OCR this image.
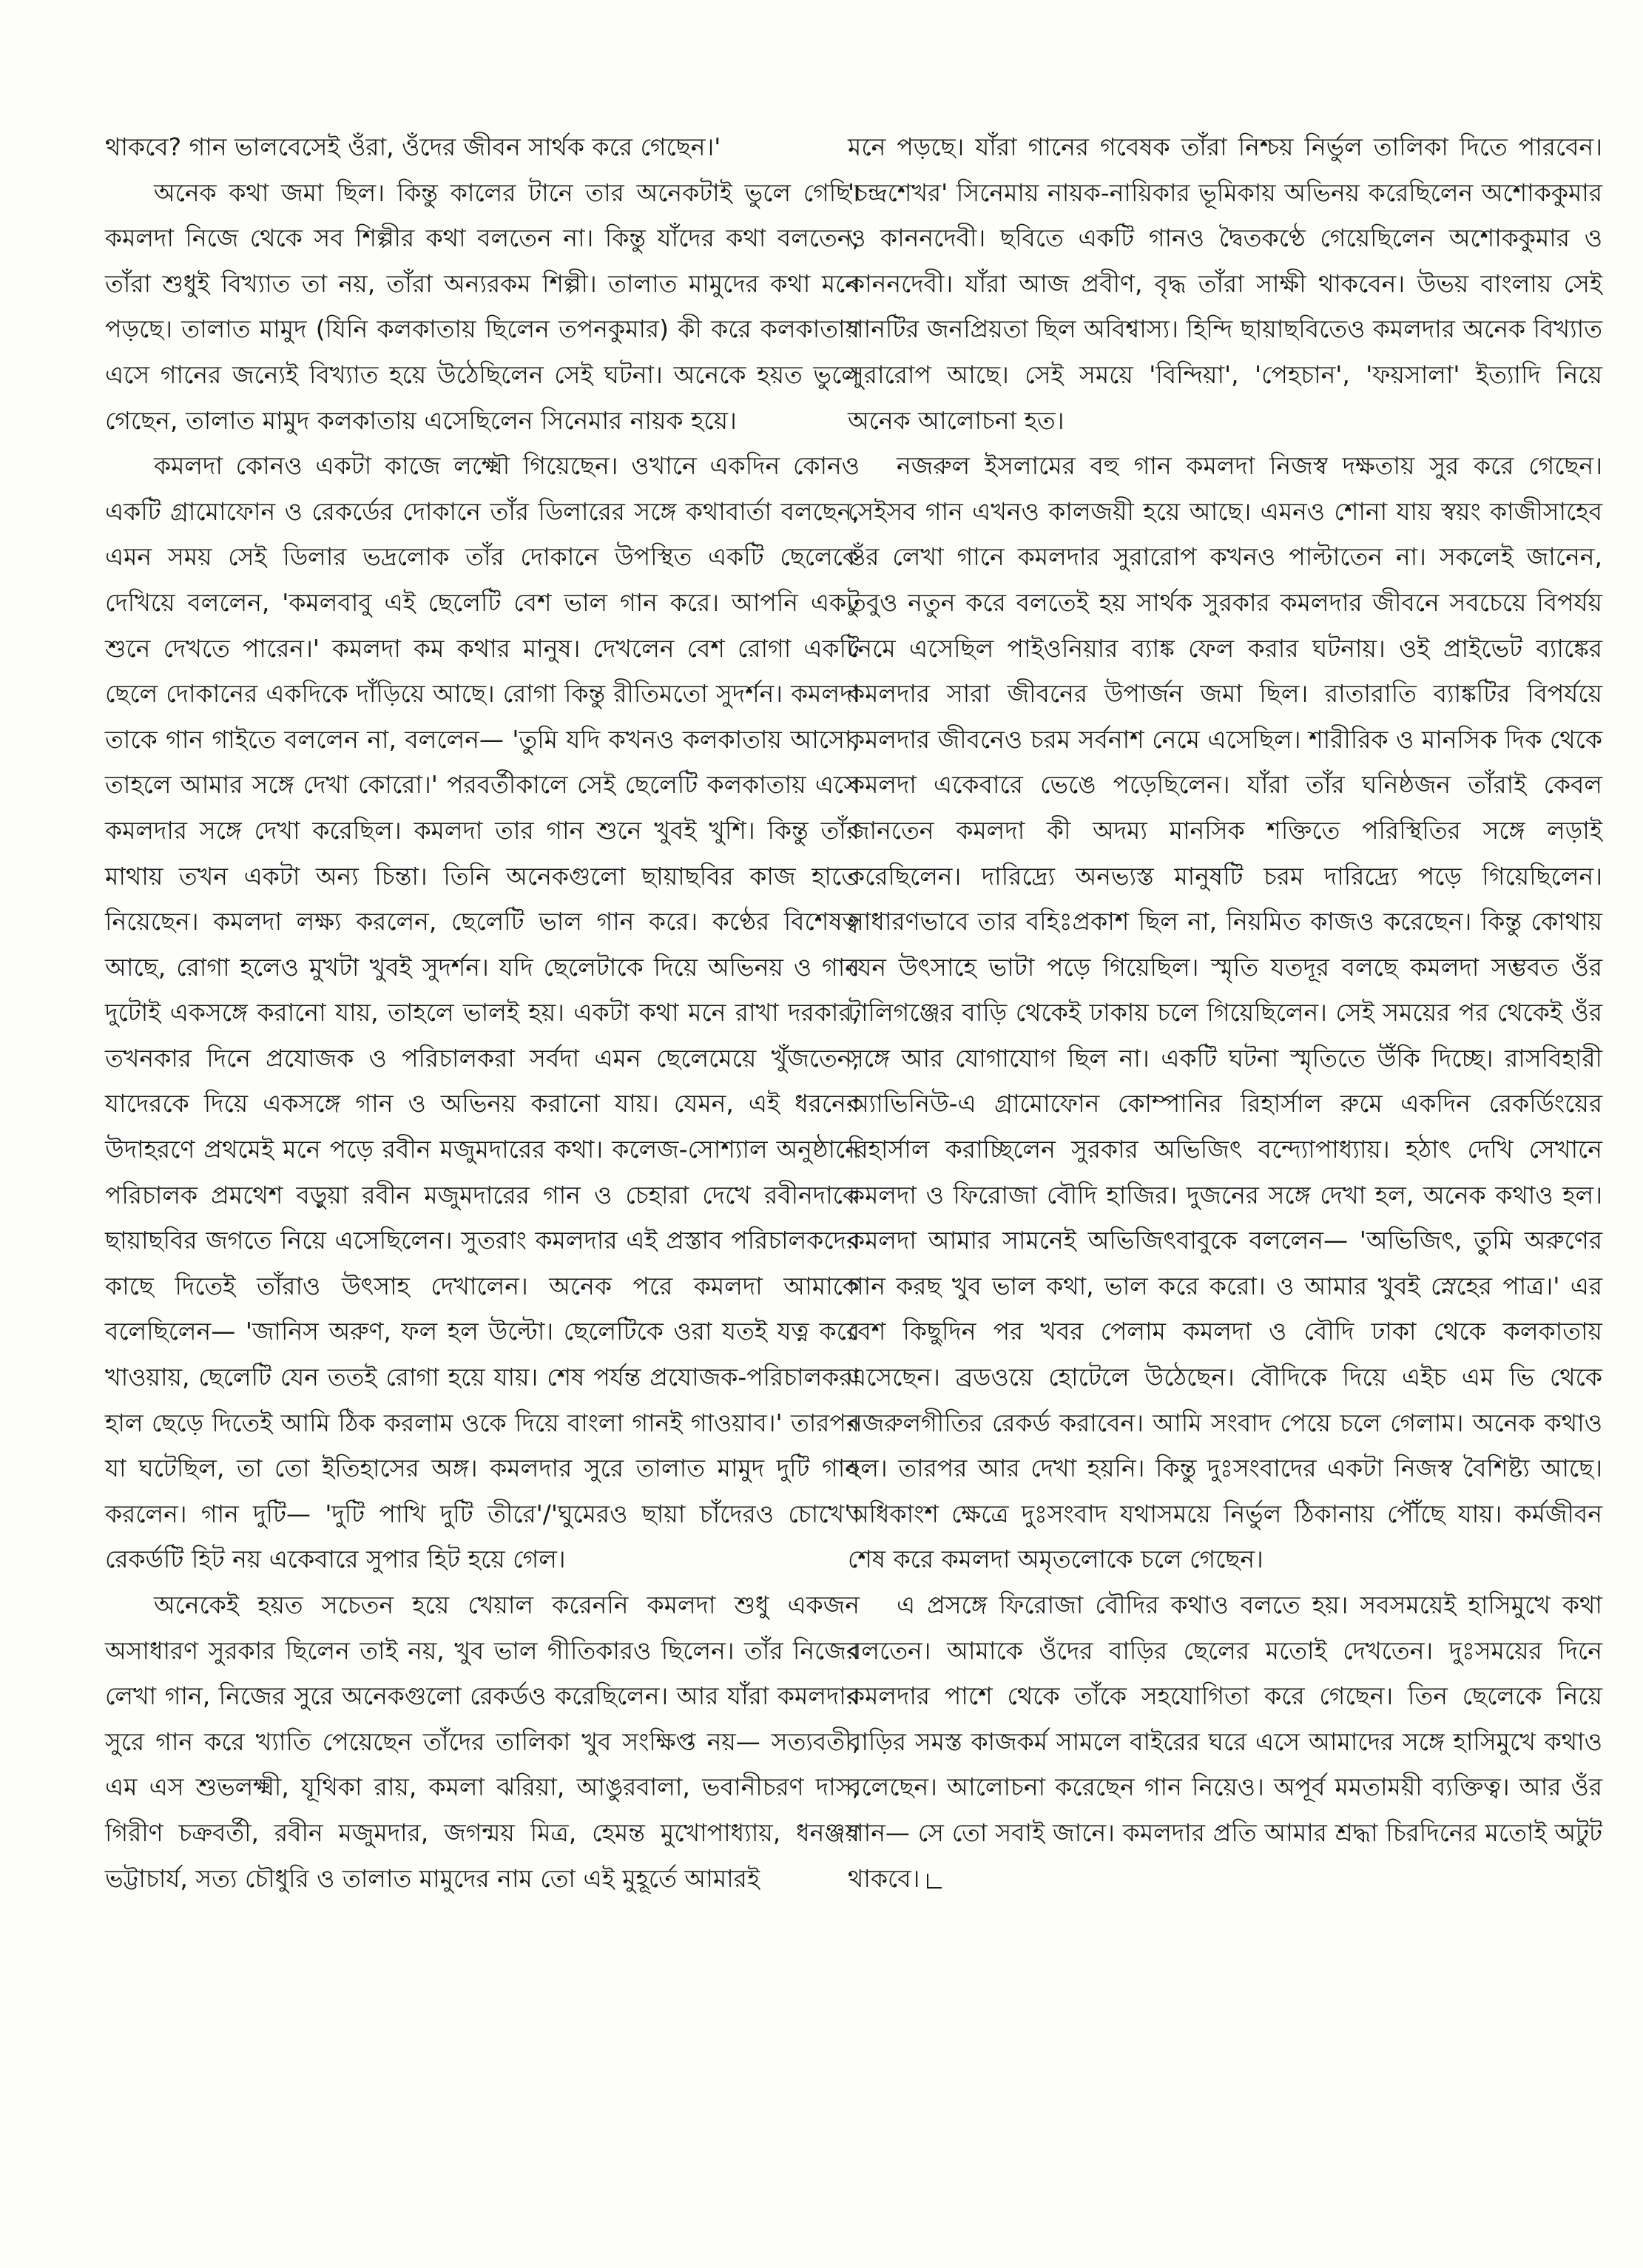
থাকবে? গান ভালবেসেই ওঁরা, ওঁদের জীবন সার্থক করে গেছেন।'

অনেক কথা জমা ছিল। কিন্তু কালের টানে তার অনেকটাই ভুলে গেছি। কমলদা নিজে থেকে সব শিল্পীর কথা বলতেন না। কিন্তু যাঁদের কথা বলতেন, তাঁরা শুধুই বিখ্যাত তা নয়, তাঁরা অন্যরকম শিল্পী। তালাত মামুদের কথা মনে পড়ছে। তালাত মামুদ (যিনি কলকাতায় ছিলেন তপনকুমার) কী করে কলকাতায় এসে গানের জন্যেই বিখ্যাত হয়ে উঠেছিলেন সেই ঘটনা। অনেকে হয়ত ভুলে গেছেন, তালাত মামুদ কলকাতায় এসেছিলেন সিনেমার নায়ক হয়ে।

কমলদা কোনও একটা কাজে লক্ষ্মৌ গিয়েছেন। ওখানে একদিন কোনও একটি গ্রামোফোন ও রেকর্ডের দোকানে তাঁর ডিলারের সঙ্গে কথাবার্তা বলছেন, এমন সময় সেই ডিলার ভদ্রলোক তাঁর দোকানে উপস্থিত একটি ছেলেকে দেখিয়ে বললেন, 'কমলবাবু এই ছেলেটি বেশ ভাল গান করে। আপনি একটু শুনে দেখতে পারেন।' কমলদা কম কথার মানুষ। দেখলেন বেশ রোগা একটি ছেলে দোকানের একদিকে দাঁড়িয়ে আছে। রোগা কিন্তু রীতিমতো সুদর্শন। কমলদা তাকে গান গাইতে বললেন না, বললেন— 'তুমি যদি কখনও কলকাতায় আসো, তাহলে আমার সঙ্গে দেখা কোরো।' পরবর্তীকালে সেই ছেলেটি কলকাতায় এসে কমলদার সঙ্গে দেখা করেছিল। কমলদা তার গান শুনে খুবই খুশি। কিন্তু তাঁর মাথায় তখন একটা অন্য চিন্তা। তিনি অনেকগুলো ছায়াছবির কাজ হাতে নিয়েছেন। কমলদা লক্ষ্য করলেন, ছেলেটি ভাল গান করে। কণ্ঠের বিশেষত্ব আছে, রোগা হলেও মুখটা খুবই সুদর্শন। যদি ছেলেটাকে দিয়ে অভিনয় ও গান দুটোই একসঙ্গে করানো যায়, তাহলে ভালই হয়। একটা কথা মনে রাখা দরকার, তখনকার দিনে প্রযোজক ও পরিচালকরা সর্বদা এমন ছেলেমেয়ে খুঁজতেন, যাদেরকে দিয়ে একসঙ্গে গান ও অভিনয় করানো যায়। যেমন, এই ধরনের উদাহরণে প্রথমেই মনে পড়ে রবীন মজুমদারের কথা। কলেজ-সোশ্যাল অনুষ্ঠানে পরিচালক প্রমথেশ বড়ুয়া রবীন মজুমদারের গান ও চেহারা দেখে রবীনদাকে ছায়াছবির জগতে নিয়ে এসেছিলেন। সুতরাং কমলদার এই প্রস্তাব পরিচালকদের কাছে দিতেই তাঁরাও উৎসাহ দেখালেন। অনেক পরে কমলদা আমাকে বলেছিলেন— 'জানিস অরুণ, ফল হল উল্টো। ছেলেটিকে ওরা যতই যত্ন করে খাওয়ায়, ছেলেটি যেন ততই রোগা হয়ে যায়। শেষ পর্যন্ত প্রযোজক-পরিচালকরা হাল ছেড়ে দিতেই আমি ঠিক করলাম ওকে দিয়ে বাংলা গানই গাওয়াব।' তারপর যা ঘটেছিল, তা তো ইতিহাসের অঙ্গ। কমলদার সুরে তালাত মামুদ দুটি গান করলেন। গান দুটি— 'দুটি পাখি দুটি তীরে'/'ঘুমেরও ছায়া চাঁদেরও চোখে'। রেকর্ডটি হিট নয় একেবারে সুপার হিট হয়ে গেল।

অনেকেই হয়ত সচেতন হয়ে খেয়াল করেননি কমলদা শুধু একজন অসাধারণ সুরকার ছিলেন তাই নয়, খুব ভাল গীতিকারও ছিলেন। তাঁর নিজের লেখা গান, নিজের সুরে অনেকগুলো রেকর্ডও করেছিলেন। আর যাঁরা কমলদার সুরে গান করে খ্যাতি পেয়েছেন তাঁদের তালিকা খুব সংক্ষিপ্ত নয়— সত্যবতী, এম এস শুভলক্ষ্মী, যূথিকা রায়, কমলা ঝরিয়া, আঙুরবালা, ভবানীচরণ দাস, গিরীণ চক্রবর্তী, রবীন মজুমদার, জগন্ময় মিত্র, হেমন্ত মুখোপাধ্যায়, ধনঞ্জয় ভট্টাচার্য, সত্য চৌধুরি ও তালাত মামুদের নাম তো এই মুহূর্তে আমারই

মনে পড়ছে। যাঁরা গানের গবেষক তাঁরা নিশ্চয় নির্ভুল তালিকা দিতে পারবেন। 'চন্দ্রশেখর' সিনেমায় নায়ক-নায়িকার ভূমিকায় অভিনয় করেছিলেন অশোককুমার ও কাননদেবী। ছবিতে একটি গানও দ্বৈতকণ্ঠে গেয়েছিলেন অশোককুমার ও কাননদেবী। যাঁরা আজ প্রবীণ, বৃদ্ধ তাঁরা সাক্ষী থাকবেন। উভয় বাংলায় সেই গানটির জনপ্রিয়তা ছিল অবিশ্বাস্য। হিন্দি ছায়াছবিতেও কমলদার অনেক বিখ্যাত সুরারোপ আছে। সেই সময়ে 'বিন্দিয়া', 'পেহচান', 'ফয়সালা' ইত্যাদি নিয়ে অনেক আলোচনা হত।

নজরুল ইসলামের বহু গান কমলদা নিজস্ব দক্ষতায় সুর করে গেছেন। সেইসব গান এখনও কালজয়ী হয়ে আছে। এমনও শোনা যায় স্বয়ং কাজীসাহেব ওঁর লেখা গানে কমলদার সুরারোপ কখনও পাল্টাতেন না। সকলেই জানেন, তবুও নতুন করে বলতেই হয় সার্থক সুরকার কমলদার জীবনে সবচেয়ে বিপর্যয় নেমে এসেছিল পাইওনিয়ার ব্যাঙ্ক ফেল করার ঘটনায়। ওই প্রাইভেট ব্যাঙ্কের কমলদার সারা জীবনের উপার্জন জমা ছিল। রাতারাতি ব্যাঙ্কটির বিপর্যয়ে কমলদার জীবনেও চরম সর্বনাশ নেমে এসেছিল। শারীরিক ও মানসিক দিক থেকে কমলদা একেবারে ভেঙে পড়েছিলেন। যাঁরা তাঁর ঘনিষ্ঠজন তাঁরাই কেবল জানতেন কমলদা কী অদম্য মানসিক শক্তিতে পরিস্থিতির সঙ্গে লড়াই করেছিলেন। দারিদ্র্যে অনভ্যস্ত মানুষটি চরম দারিদ্র্যে পড়ে গিয়েছিলেন। সাধারণভাবে তার বহিঃপ্রকাশ ছিল না, নিয়মিত কাজও করেছেন। কিন্তু কোথায় যেন উৎসাহে ভাটা পড়ে গিয়েছিল। স্মৃতি যতদূর বলছে কমলদা সম্ভবত ওঁর টালিগঞ্জের বাড়ি থেকেই ঢাকায় চলে গিয়েছিলেন। সেই সময়ের পর থেকেই ওঁর সঙ্গে আর যোগাযোগ ছিল না। একটি ঘটনা স্মৃতিতে উঁকি দিচ্ছে। রাসবিহারী অ্যাভিনিউ-এ গ্রামোফোন কোম্পানির রিহার্সাল রুমে একদিন রেকর্ডিংয়ের রিহার্সাল করাচ্ছিলেন সুরকার অভিজিৎ বন্দ্যোপাধ্যায়। হঠাৎ দেখি সেখানে কমলদা ও ফিরোজা বৌদি হাজির। দুজনের সঙ্গে দেখা হল, অনেক কথাও হল। কমলদা আমার সামনেই অভিজিৎবাবুকে বললেন— 'অভিজিৎ, তুমি অরুণের গান করছ খুব ভাল কথা, ভাল করে করো। ও আমার খুবই স্নেহের পাত্র।' এর বেশ কিছুদিন পর খবর পেলাম কমলদা ও বৌদি ঢাকা থেকে কলকাতায় এসেছেন। ব্রডওয়ে হোটেলে উঠেছেন। বৌদিকে দিয়ে এইচ এম ভি থেকে নজরুলগীতির রেকর্ড করাবেন। আমি সংবাদ পেয়ে চলে গেলাম। অনেক কথাও হল। তারপর আর দেখা হয়নি। কিন্তু দুঃসংবাদের একটা নিজস্ব বৈশিষ্ট্য আছে। অধিকাংশ ক্ষেত্রে দুঃসংবাদ যথাসময়ে নির্ভুল ঠিকানায় পৌঁছে যায়। কর্মজীবন শেষ করে কমলদা অমৃতলোকে চলে গেছেন।

এ প্রসঙ্গে ফিরোজা বৌদির কথাও বলতে হয়। সবসময়েই হাসিমুখে কথা বলতেন। আমাকে ওঁদের বাড়ির ছেলের মতোই দেখতেন। দুঃসময়ের দিনে কমলদার পাশে থেকে তাঁকে সহযোগিতা করে গেছেন। তিন ছেলেকে নিয়ে বাড়ির সমস্ত কাজকর্ম সামলে বাইরের ঘরে এসে আমাদের সঙ্গে হাসিমুখে কথাও বলেছেন। আলোচনা করেছেন গান নিয়েও। অপূর্ব মমতাময়ী ব্যক্তিত্ব। আর ওঁর গান— সে তো সবাই জানে। কমলদার প্রতি আমার শ্রদ্ধা চিরদিনের মতোই অটুট থাকবে।
